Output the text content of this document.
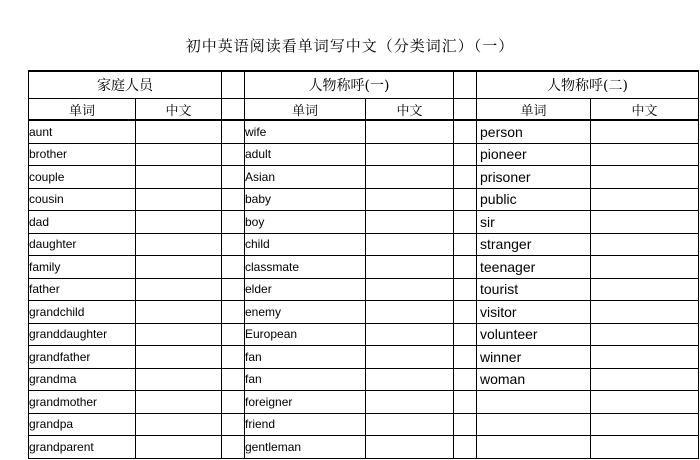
初中英语阅读看单词写中文（分类词汇）（一）
家庭人员			人物称呼(一)			人物称呼(二)	
单词	中文		单词	中文		单词	中文
aunt			wife			person	
brother			adult			pioneer	
couple			Asian			prisoner	
cousin			baby			public	
dad			boy			sir	
daughter			child			stranger	
family			classmate			teenager	
father			elder			tourist	
grandchild			enemy			visitor	
granddaughter			European			volunteer	
grandfather			fan			winner	
grandma			fan			woman	
grandmother			foreigner				
grandpa			friend				
grandparent			gentleman				
